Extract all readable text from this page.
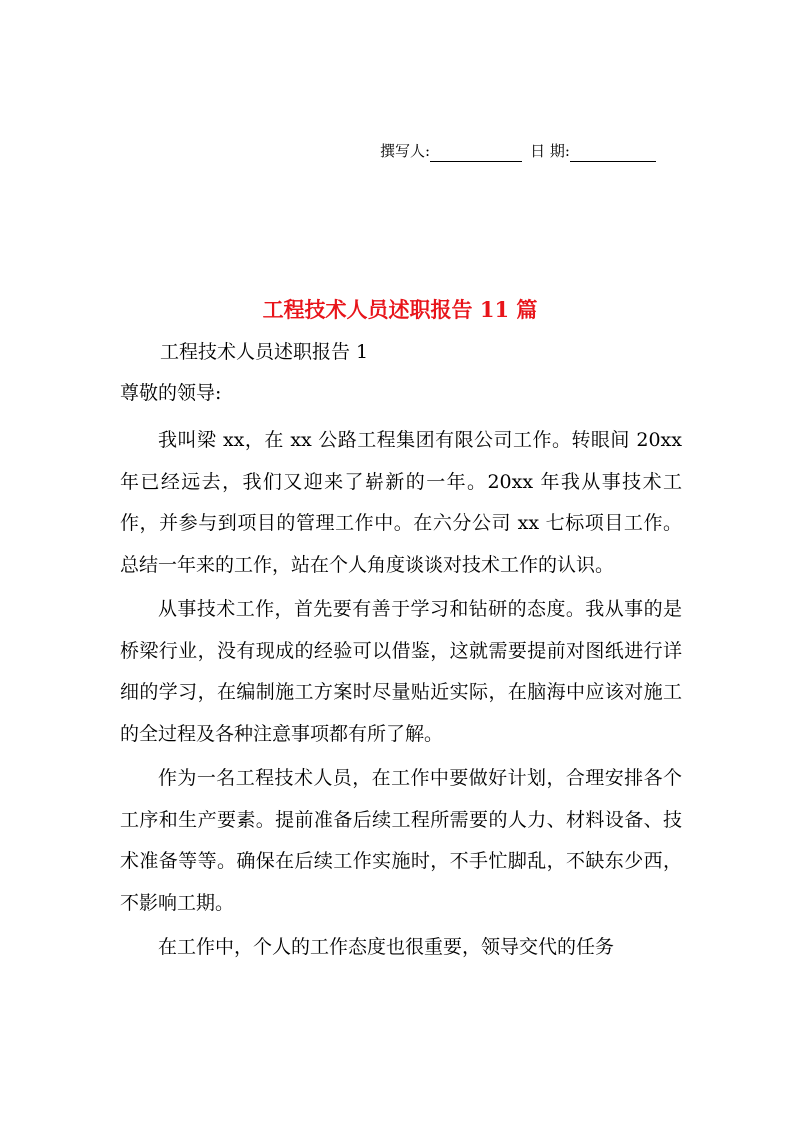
撰写人:	日 期:
工程技术人员述职报告 11 篇
工程技术人员述职报告 1
尊敬的领导:

我叫梁 xx，在 xx 公路工程集团有限公司工作。转眼间 20xx 年已经远去，我们又迎来了崭新的一年。20xx 年我从事技术工作，并参与到项目的管理工作中。在六分公司 xx 七标项目工作。总结一年来的工作，站在个人角度谈谈对技术工作的认识。

从事技术工作，首先要有善于学习和钻研的态度。我从事的是桥梁行业，没有现成的经验可以借鉴，这就需要提前对图纸进行详细的学习，在编制施工方案时尽量贴近实际，在脑海中应该对施工的全过程及各种注意事项都有所了解。

作为一名工程技术人员，在工作中要做好计划，合理安排各个工序和生产要素。提前准备后续工程所需要的人力、材料设备、技术准备等等。确保在后续工作实施时，不手忙脚乱，不缺东少西，不影响工期。

在工作中，个人的工作态度也很重要，领导交代的任务
